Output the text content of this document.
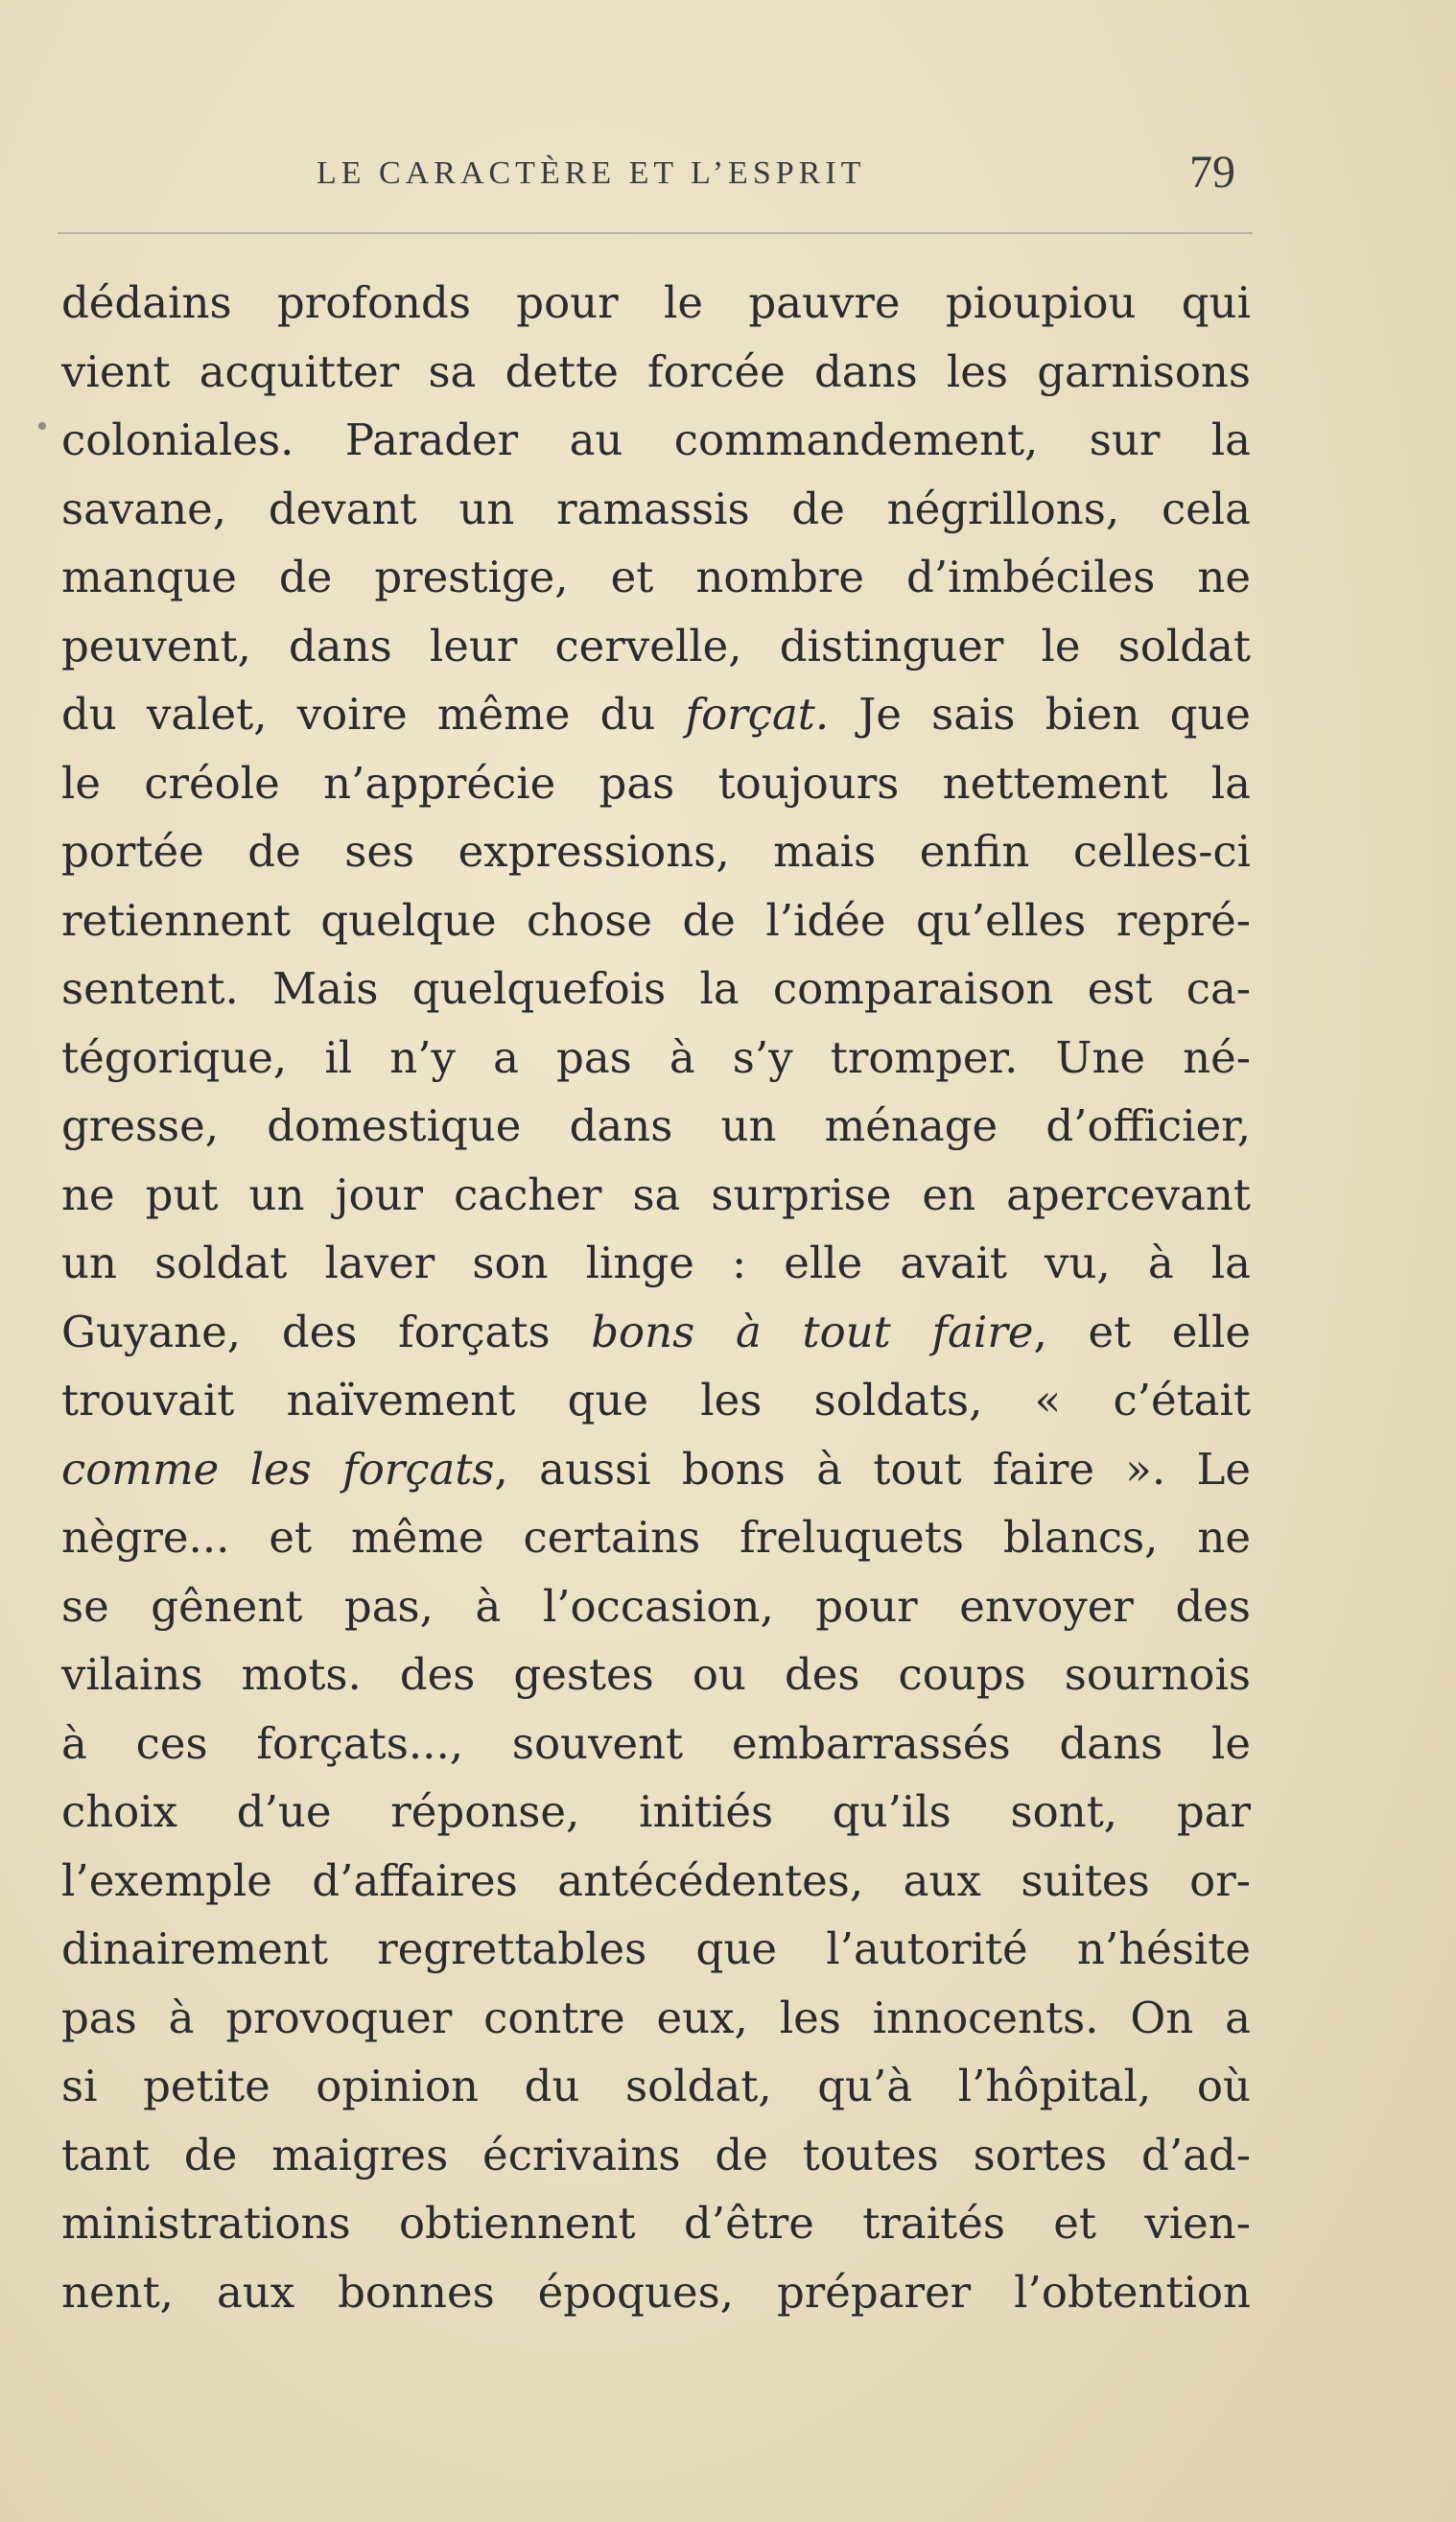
LE CARACTÈRE ET L’ESPRIT	79
dédains profonds pour le pauvre pioupiou qui
vient acquitter sa dette forcée dans les garnisons
coloniales. Parader au commandement, sur la
savane, devant un ramassis de négrillons, cela
manque de prestige, et nombre d’imbéciles ne
peuvent, dans leur cervelle, distinguer le soldat
du valet, voire même du forçat. Je sais bien que
le créole n’apprécie pas toujours nettement la
portée de ses expressions, mais enfin celles-ci
retiennent quelque chose de l’idée qu’elles repré-
sentent. Mais quelquefois la comparaison est ca-
tégorique, il n’y a pas à s’y tromper. Une né-
gresse, domestique dans un ménage d’officier,
ne put un jour cacher sa surprise en apercevant
un soldat laver son linge : elle avait vu, à la
Guyane, des forçats bons à tout faire, et elle
trouvait naïvement que les soldats, « c’était
comme les forçats, aussi bons à tout faire ». Le
nègre... et même certains freluquets blancs, ne
se gênent pas, à l’occasion, pour envoyer des
vilains mots. des gestes ou des coups sournois
à ces forçats..., souvent embarrassés dans le
choix d’ue réponse, initiés qu’ils sont, par
l’exemple d’affaires antécédentes, aux suites or-
dinairement regrettables que l’autorité n’hésite
pas à provoquer contre eux, les innocents. On a
si petite opinion du soldat, qu’à l’hôpital, où
tant de maigres écrivains de toutes sortes d’ad-
ministrations obtiennent d’être traités et vien-
nent, aux bonnes époques, préparer l’obtention
